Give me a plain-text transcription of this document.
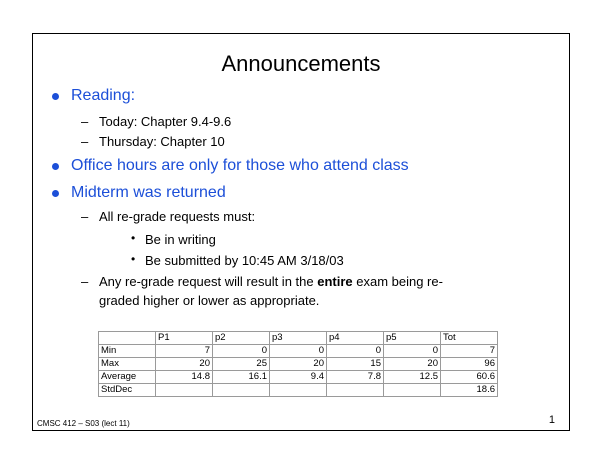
Announcements
Reading:
– Today: Chapter 9.4-9.6
– Thursday: Chapter 10
Office hours are only for those who attend class
Midterm was returned
– All re-grade requests must:
• Be in writing
• Be submitted by 10:45 AM 3/18/03
– Any re-grade request will result in the entire exam being re-
graded higher or lower as appropriate.
	P1	p2	p3	p4	p5	Tot
Min	7	0	0	0	0	7
Max	20	25	20	15	20	96
Average	14.8	16.1	9.4	7.8	12.5	60.6
StdDec						18.6
CMSC 412 – S03 (lect 11)	1
